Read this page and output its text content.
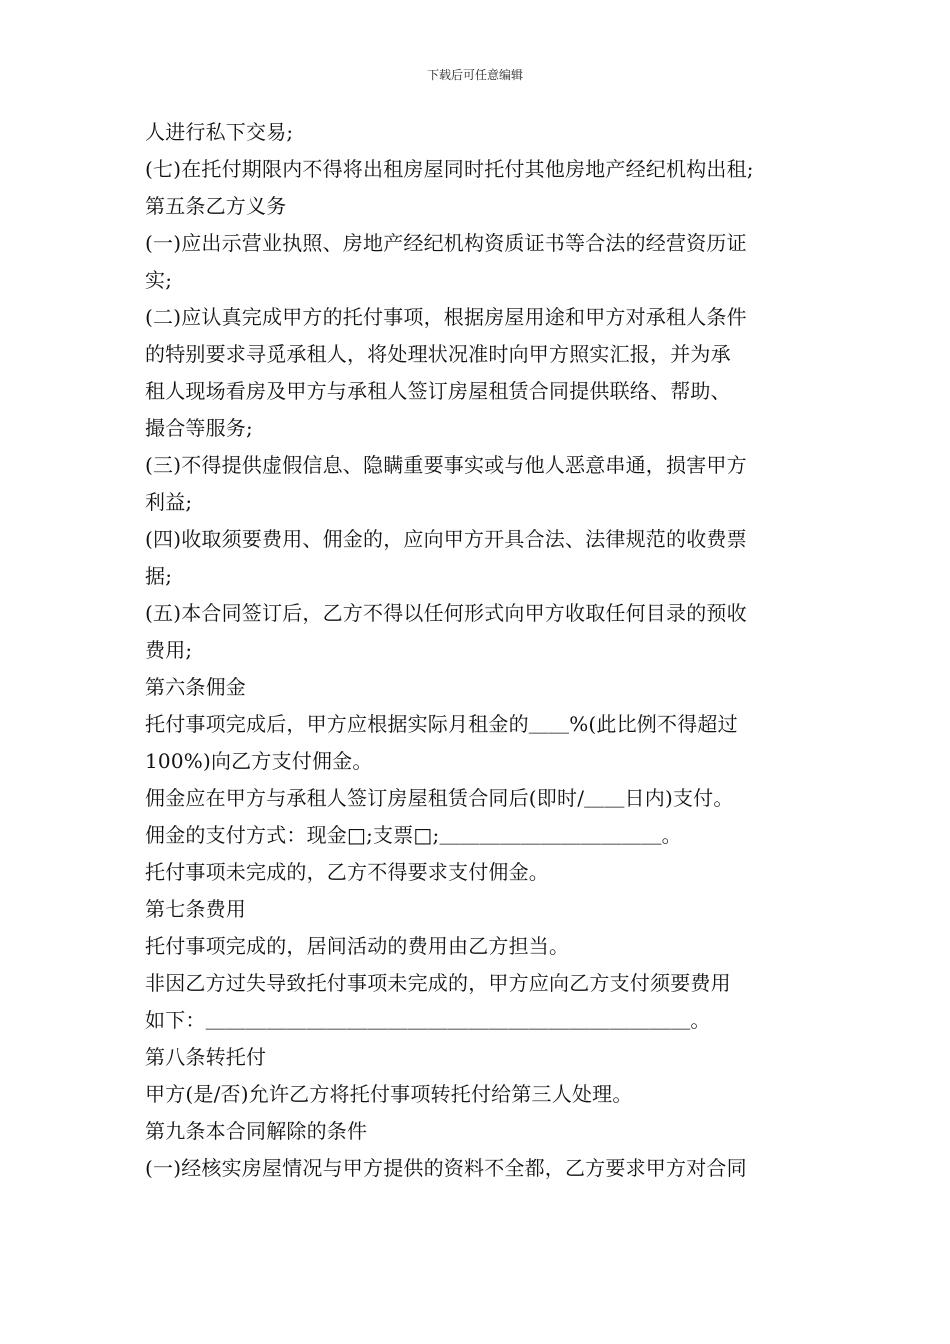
下载后可任意编辑
人进行私下交易;
(七)在托付期限内不得将出租房屋同时托付其他房地产经纪机构出租;
第五条乙方义务
(一)应出示营业执照、房地产经纪机构资质证书等合法的经营资历证
实;
(二)应认真完成甲方的托付事项，根据房屋用途和甲方对承租人条件
的特别要求寻觅承租人，将处理状况准时向甲方照实汇报，并为承
租人现场看房及甲方与承租人签订房屋租赁合同提供联络、帮助、
撮合等服务;
(三)不得提供虚假信息、隐瞒重要事实或与他人恶意串通，损害甲方
利益;
(四)收取须要费用、佣金的，应向甲方开具合法、法律规范的收费票
据;
(五)本合同签订后，乙方不得以任何形式向甲方收取任何目录的预收
费用;
第六条佣金
托付事项完成后，甲方应根据实际月租金的＿＿%(此比例不得超过
100%)向乙方支付佣金。
佣金应在甲方与承租人签订房屋租赁合同后(即时/＿＿日内)支付。
佣金的支付方式：现金□;支票□;＿＿＿＿＿＿＿＿＿＿＿。
托付事项未完成的，乙方不得要求支付佣金。
第七条费用
托付事项完成的，居间活动的费用由乙方担当。
非因乙方过失导致托付事项未完成的，甲方应向乙方支付须要费用
如下：＿＿＿＿＿＿＿＿＿＿＿＿＿＿＿＿＿＿＿＿＿＿＿＿。
第八条转托付
甲方(是/否)允许乙方将托付事项转托付给第三人处理。
第九条本合同解除的条件
(一)经核实房屋情况与甲方提供的资料不全都，乙方要求甲方对合同
